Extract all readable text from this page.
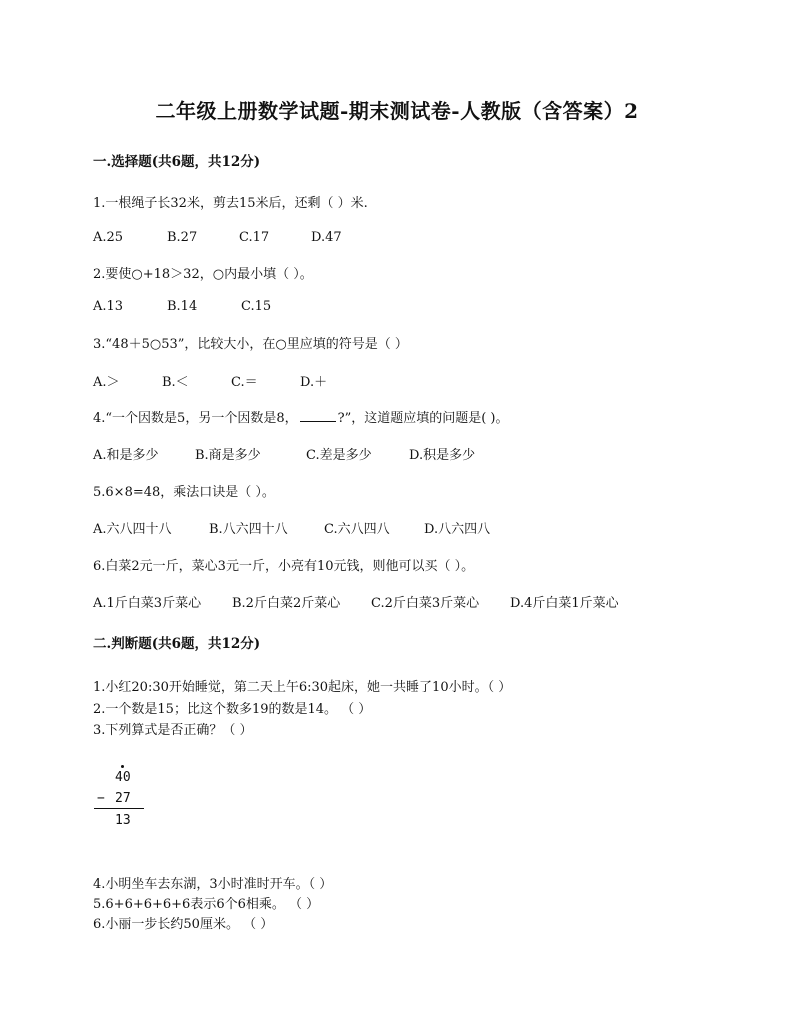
二年级上册数学试题-期末测试卷-人教版（含答案）2
一.选择题(共6题，共12分)
1.一根绳子长32米，剪去15米后，还剩（ ）米.
A.25	B.27	C.17	D.47
2.要使○+18＞32，○内最小填（ ）。
A.13	B.14	C.15
3.“48＋5○53”，比较大小，在○里应填的符号是（ ）
A.＞	B.＜	C.＝	D.＋
4.“一个因数是5，另一个因数是8，	?”，这道题应填的问题是( )。
A.和是多少	B.商是多少	C.差是多少	D.积是多少
5.6×8=48，乘法口诀是（ ）。
A.六八四十八	B.八六四十八	C.六八四八	D.八六四八
6.白菜2元一斤，菜心3元一斤，小亮有10元钱，则他可以买（ ）。
A.1斤白菜3斤菜心 B.2斤白菜2斤菜心 C.2斤白菜3斤菜心 D.4斤白菜1斤菜心
二.判断题(共6题，共12分)
1.小红20:30开始睡觉，第二天上午6:30起床，她一共睡了10小时。（ ）
2.一个数是15；比这个数多19的数是14。 （ ）
3.下列算式是否正确？（ ）
40
− 27
13
4.小明坐车去东湖，3小时准时开车。（ ）
5.6+6+6+6+6表示6个6相乘。 （ ）
6.小丽一步长约50厘米。 （ ）
